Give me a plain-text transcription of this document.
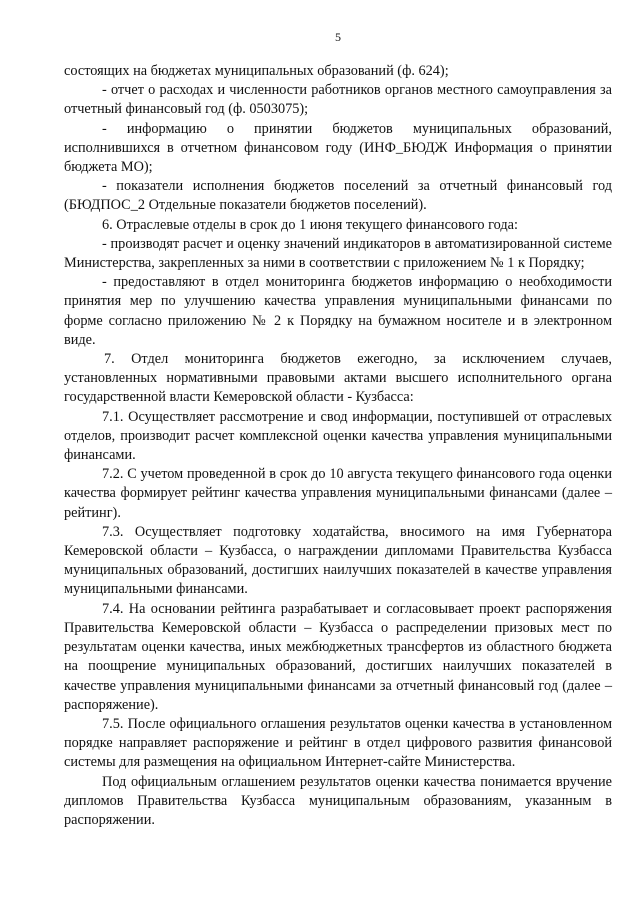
5

состоящих на бюджетах муниципальных образований (ф. 624);

- отчет о расходах и численности работников органов местного самоуправления за отчетный финансовый год (ф. 0503075);

- информацию о принятии бюджетов муниципальных образований, исполнившихся в отчетном финансовом году (ИНФ_БЮДЖ Информация о принятии бюджета МО);

- показатели исполнения бюджетов поселений за отчетный финансовый год (БЮДПОС_2 Отдельные показатели бюджетов поселений).

6. Отраслевые отделы в срок до 1 июня текущего финансового года:

- производят расчет и оценку значений индикаторов в автоматизированной системе Министерства, закрепленных за ними в соответствии с приложением № 1 к Порядку;

- предоставляют в отдел мониторинга бюджетов информацию о необходимости принятия мер по улучшению качества управления муниципальными финансами по форме согласно приложению № 2 к Порядку на бумажном носителе и в электронном виде.

7. Отдел мониторинга бюджетов ежегодно, за исключением случаев, установленных нормативными правовыми актами высшего исполнительного органа государственной власти Кемеровской области - Кузбасса:

7.1. Осуществляет рассмотрение и свод информации, поступившей от отраслевых отделов, производит расчет комплексной оценки качества управления муниципальными финансами.

7.2. С учетом проведенной в срок до 10 августа текущего финансового года оценки качества формирует рейтинг качества управления муниципальными финансами (далее – рейтинг).

7.3. Осуществляет подготовку ходатайства, вносимого на имя Губернатора Кемеровской области – Кузбасса, о награждении дипломами Правительства Кузбасса муниципальных образований, достигших наилучших показателей в качестве управления муниципальными финансами.

7.4. На основании рейтинга разрабатывает и согласовывает проект распоряжения Правительства Кемеровской области – Кузбасса о распределении призовых мест по результатам оценки качества, иных межбюджетных трансфертов из областного бюджета на поощрение муниципальных образований, достигших наилучших показателей в качестве управления муниципальными финансами за отчетный финансовый год (далее – распоряжение).

7.5. После официального оглашения результатов оценки качества в установленном порядке направляет распоряжение и рейтинг в отдел цифрового развития финансовой системы для размещения на официальном Интернет-сайте Министерства.

Под официальным оглашением результатов оценки качества понимается вручение дипломов Правительства Кузбасса муниципальным образованиям, указанным в распоряжении.
